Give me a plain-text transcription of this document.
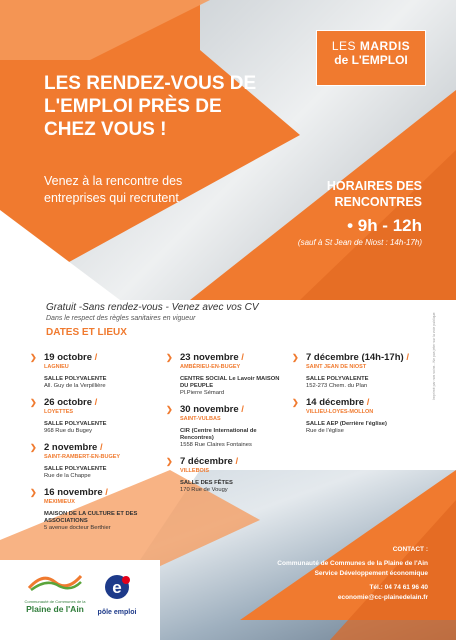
LES MARDIS
de L'EMPLOI
LES RENDEZ-VOUS DE L'EMPLOI PRÈS DE CHEZ VOUS !
Venez à la rencontre des entreprises qui recrutent
HORAIRES DES RENCONTRES
• 9h - 12h
(sauf à St Jean de Niost : 14h-17h)
Gratuit -Sans rendez-vous - Venez avec vos CV
Dans le respect des règles sanitaires en vigueur
DATES ET LIEUX
❯ 19 octobre /
LAGNIEU
SALLE POLYVALENTE
All. Guy de la Verpillière
❯ 26 octobre /
LOYETTES
SALLE POLYVALENTE
968 Rue du Bugey
❯ 2 novembre /
SAINT-RAMBERT-EN-BUGEY
SALLE POLYVALENTE
Rue de la Chappe
❯ 16 novembre /
MEXIMIEUX
MAISON DE LA CULTURE ET DES ASSOCIATIONS
5 avenue docteur Berthier
❯ 23 novembre /
AMBÉRIEU-EN-BUGEY
CENTRE SOCIAL Le Lavoir MAISON DU PEUPLE
Pl.Pierre Sémard
❯ 30 novembre /
SAINT-VULBAS
CIR (Centre International de Rencontres)
1558 Rue Claires Fontaines
❯ 7 décembre /
VILLEBOIS
SALLE DES FÊTES
170 Rue de Vougy
❯ 7 décembre (14h-17h) /
SAINT JEAN DE NIOST
SALLE POLYVALENTE
152-273 Chem. du Plan
❯ 14 décembre /
VILLIEU-LOYES-MOLLON
SALLE AEP (Derrière l'église)
Rue de l'église
Imprimé par nos soins - Ne pas jeter sur la voie publique
CONTACT :
Communauté de Communes de la Plaine de l'Ain
Service Développement économique
Tél.: 04 74 61 96 40
economie@cc-plainedelain.fr
Communauté de Communes de la
Plaine de l'Ain
e
pôle emploi
